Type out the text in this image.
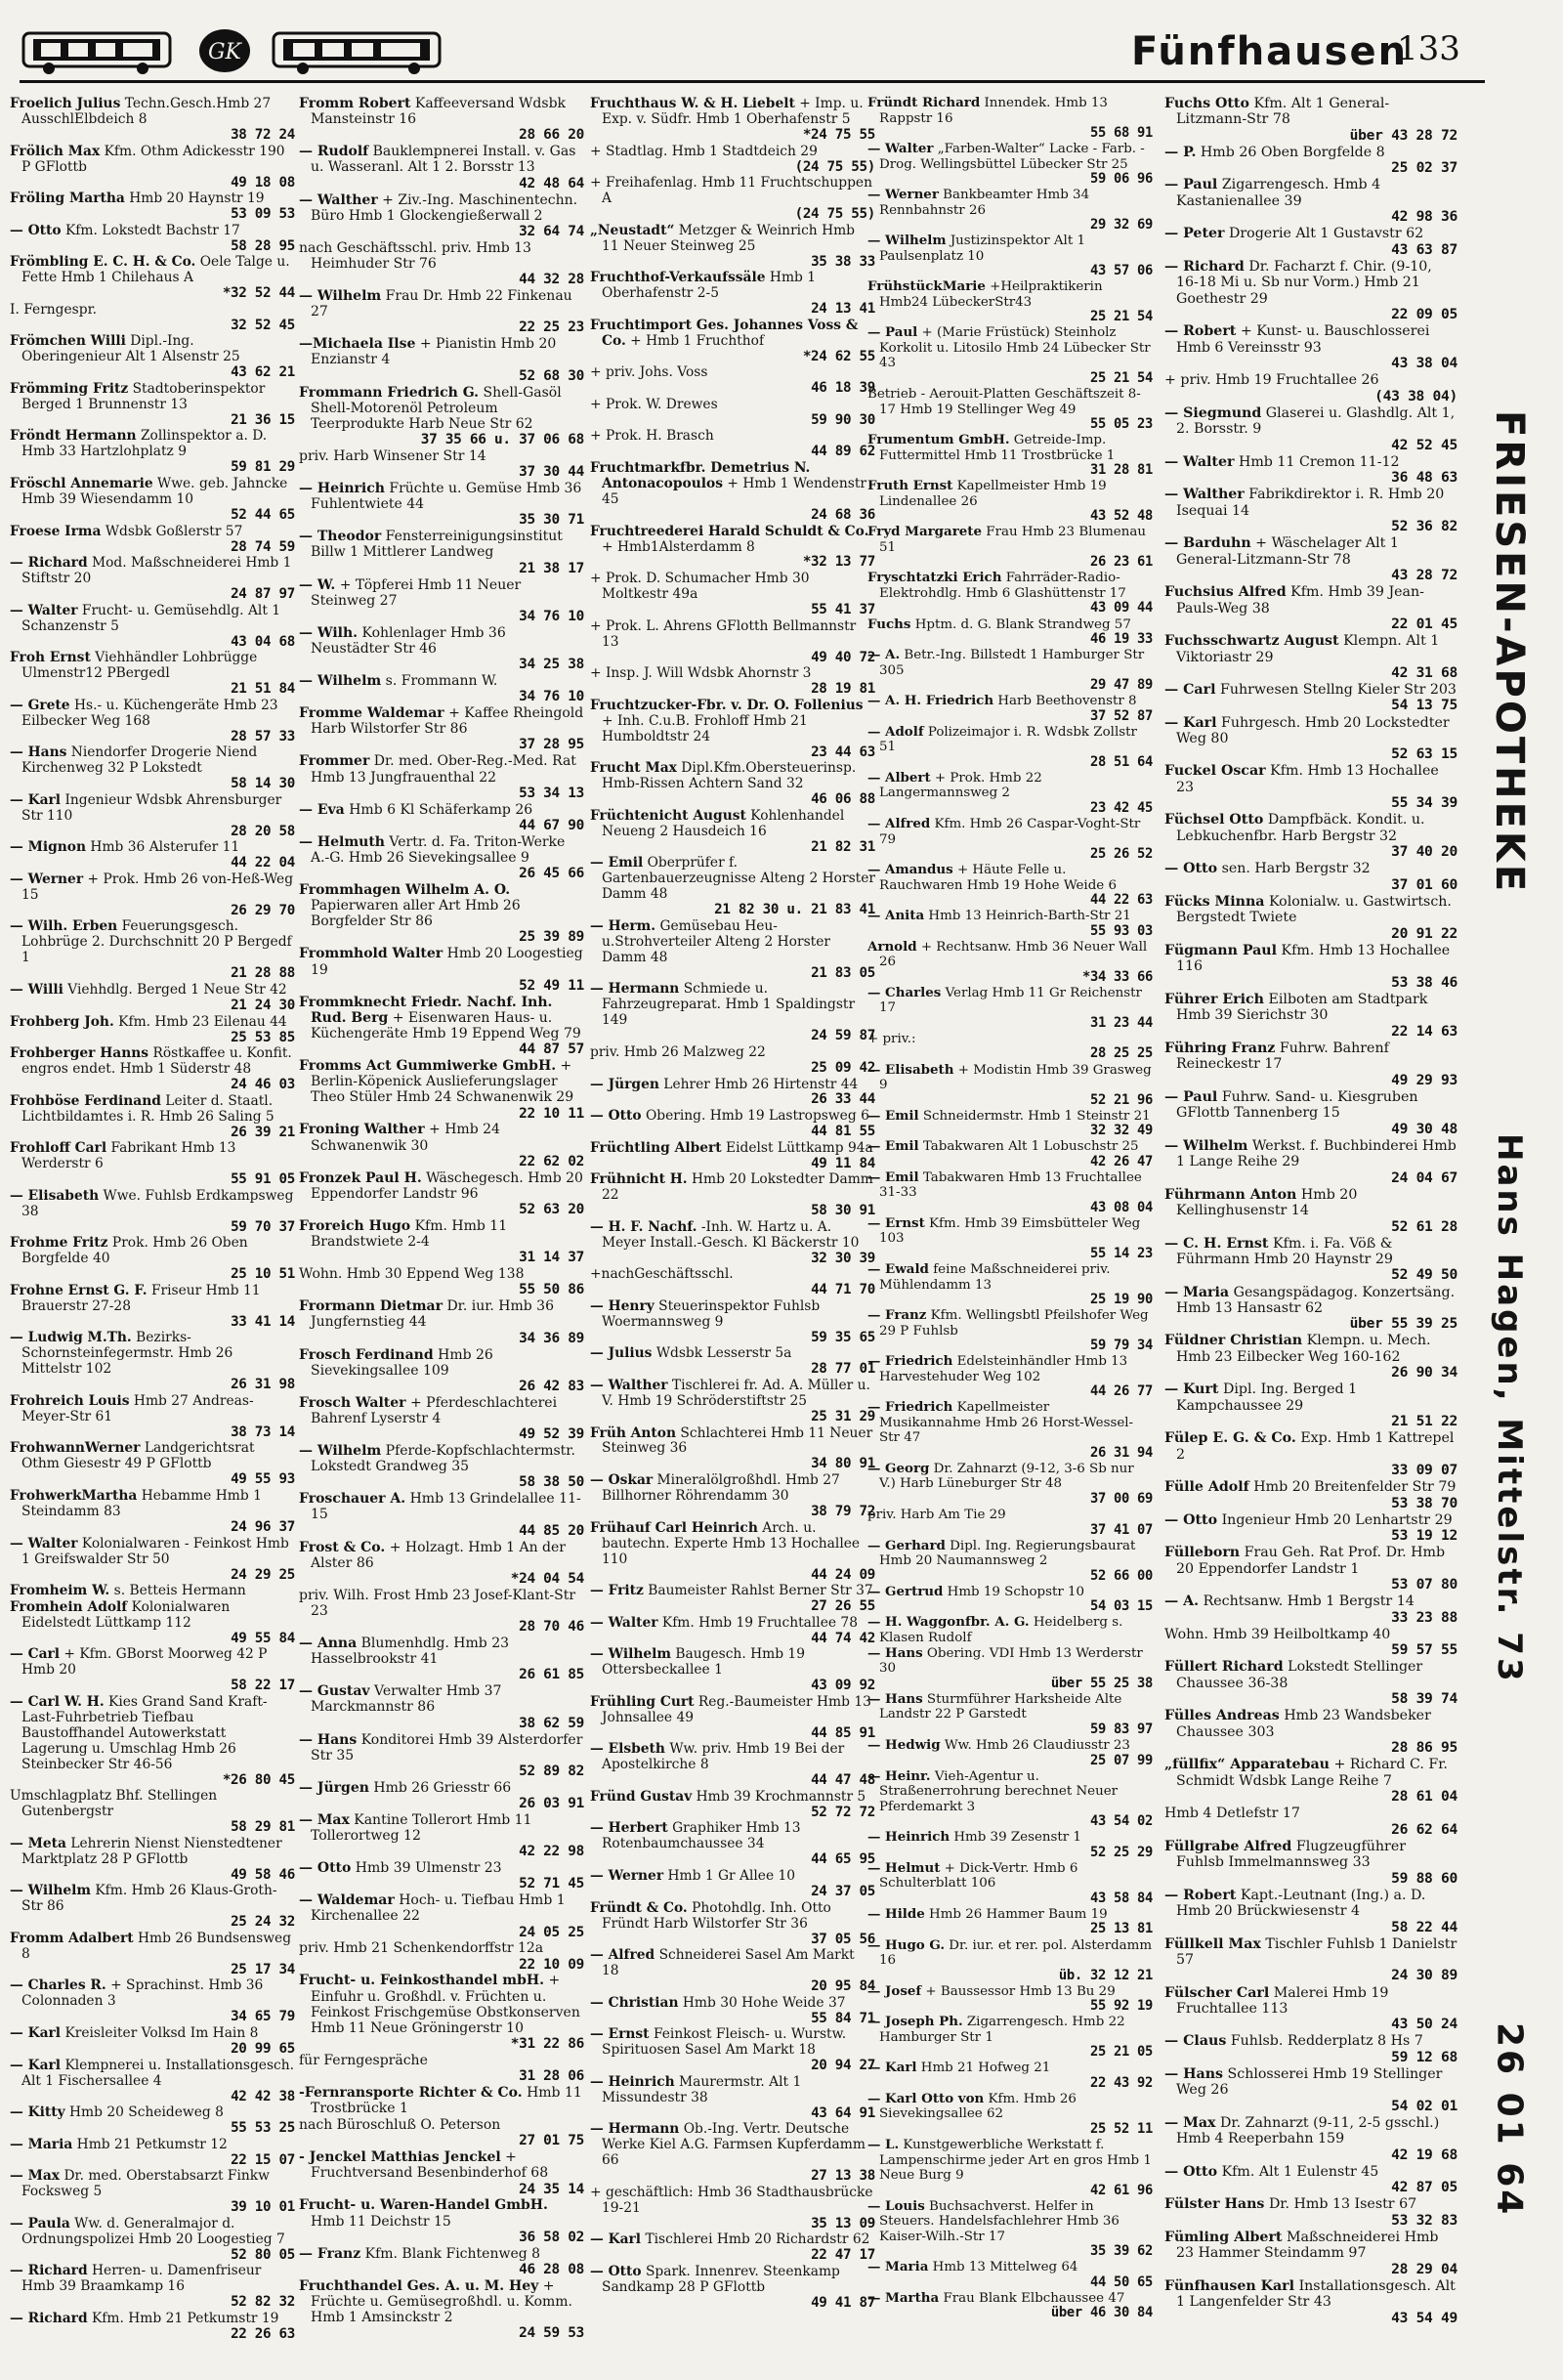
GK	Fünfhausen
133
Froelich Julius Techn.Gesch.Hmb 27 AusschlElbdeich 8
38 72 24
Frölich Max Kfm. Othm Adickesstr 190 P GFlottb
49 18 08
Fröling Martha Hmb 20 Haynstr 19
53 09 53
— Otto Kfm. Lokstedt Bachstr 17
58 28 95
Frömbling E. C. H. & Co. Oele Talge u. Fette Hmb 1 Chilehaus A
*32 52 44
I. Ferngespr.
32 52 45
Frömchen Willi Dipl.-Ing. Oberingenieur Alt 1 Alsenstr 25
43 62 21
Frömming Fritz Stadtoberinspektor Berged 1 Brunnenstr 13
21 36 15
Fröndt Hermann Zollinspektor a. D. Hmb 33 Hartzlohplatz 9
59 81 29
Fröschl Annemarie Wwe. geb. Jahncke Hmb 39 Wiesendamm 10
52 44 65
Froese Irma Wdsbk Goßlerstr 57
28 74 59
— Richard Mod. Maßschneiderei Hmb 1 Stiftstr 20
24 87 97
— Walter Frucht- u. Gemüsehdlg. Alt 1 Schanzenstr 5
43 04 68
Froh Ernst Viehhändler Lohbrügge Ulmenstr12 PBergedl
21 51 84
— Grete Hs.- u. Küchengeräte Hmb 23 Eilbecker Weg 168
28 57 33
— Hans Niendorfer Drogerie Niend Kirchenweg 32 P Lokstedt
58 14 30
— Karl Ingenieur Wdsbk Ahrensburger Str 110
28 20 58
— Mignon Hmb 36 Alsterufer 11
44 22 04
— Werner + Prok. Hmb 26 von-Heß-Weg 15
26 29 70
— Wilh. Erben Feuerungsgesch. Lohbrüge 2. Durchschnitt 20 P Bergedf 1
21 28 88
— Willi Viehhdlg. Berged 1 Neue Str 42
21 24 30
Frohberg Joh. Kfm. Hmb 23 Eilenau 44
25 53 85
Frohberger Hanns Röstkaffee u. Konfit. engros endet. Hmb 1 Süderstr 48
24 46 03
Frohböse Ferdinand Leiter d. Staatl. Lichtbildamtes i. R. Hmb 26 Saling 5
26 39 21
Frohloff Carl Fabrikant Hmb 13 Werderstr 6
55 91 05
— Elisabeth Wwe. Fuhlsb Erdkampsweg 38
59 70 37
Frohme Fritz Prok. Hmb 26 Oben Borgfelde 40
25 10 51
Frohne Ernst G. F. Friseur Hmb 11 Brauerstr 27-28
33 41 14
— Ludwig M.Th. Bezirks-Schornsteinfegermstr. Hmb 26 Mittelstr 102
26 31 98
Frohreich Louis Hmb 27 Andreas-Meyer-Str 61
38 73 14
FrohwannWerner Landgerichtsrat Othm Giesestr 49 P GFlottb
49 55 93
FrohwerkMartha Hebamme Hmb 1 Steindamm 83
24 96 37
— Walter Kolonialwaren - Feinkost Hmb 1 Greifswalder Str 50
24 29 25
Fromheim W. s. Betteis Hermann
Fromhein Adolf Kolonialwaren Eidelstedt Lüttkamp 112
49 55 84
— Carl + Kfm. GBorst Moorweg 42 P Hmb 20
58 22 17
— Carl W. H. Kies Grand Sand Kraft-Last-Fuhrbetrieb Tiefbau Baustoffhandel Autowerkstatt Lagerung u. Umschlag Hmb 26 Steinbecker Str 46-56
*26 80 45
Umschlagplatz Bhf. Stellingen Gutenbergstr
58 29 81
— Meta Lehrerin Nienst Nienstedtener Marktplatz 28 P GFlottb
49 58 46
— Wilhelm Kfm. Hmb 26 Klaus-Groth-Str 86
25 24 32
Fromm Adalbert Hmb 26 Bundsensweg 8
25 17 34
— Charles R. + Sprachinst. Hmb 36 Colonnaden 3
34 65 79
— Karl Kreisleiter Volksd Im Hain 8
20 99 65
— Karl Klempnerei u. Installationsgesch. Alt 1 Fischersallee 4
42 42 38
— Kitty Hmb 20 Scheideweg 8
55 53 25
— Maria Hmb 21 Petkumstr 12
22 15 07
— Max Dr. med. Oberstabsarzt Finkw Focksweg 5
39 10 01
— Paula Ww. d. Generalmajor d. Ordnungspolizei Hmb 20 Loogestieg 7
52 80 05
— Richard Herren- u. Damenfriseur Hmb 39 Braamkamp 16
52 82 32
— Richard Kfm. Hmb 21 Petkumstr 19
22 26 63
Fromm Robert Kaffeeversand Wdsbk Mansteinstr 16
28 66 20
— Rudolf Bauklempnerei Install. v. Gas u. Wasseranl. Alt 1 2. Borsstr 13
42 48 64
— Walther + Ziv.-Ing. Maschinentechn. Büro Hmb 1 Glockengießerwall 2
32 64 74
nach Geschäftsschl. priv. Hmb 13 Heimhuder Str 76
44 32 28
— Wilhelm Frau Dr. Hmb 22 Finkenau 27
22 25 23
—Michaela Ilse + Pianistin Hmb 20 Enzianstr 4
52 68 30
Frommann Friedrich G. Shell-Gasöl Shell-Motorenöl Petroleum Teerprodukte Harb Neue Str 62
37 35 66 u. 37 06 68
priv. Harb Winsener Str 14
37 30 44
— Heinrich Früchte u. Gemüse Hmb 36 Fuhlentwiete 44
35 30 71
— Theodor Fensterreinigungsinstitut Billw 1 Mittlerer Landweg
21 38 17
— W. + Töpferei Hmb 11 Neuer Steinweg 27
34 76 10
— Wilh. Kohlenlager Hmb 36 Neustädter Str 46
34 25 38
— Wilhelm s. Frommann W.
34 76 10
Fromme Waldemar + Kaffee Rheingold Harb Wilstorfer Str 86
37 28 95
Frommer Dr. med. Ober-Reg.-Med. Rat Hmb 13 Jungfrauenthal 22
53 34 13
— Eva Hmb 6 Kl Schäferkamp 26
44 67 90
— Helmuth Vertr. d. Fa. Triton-Werke A.-G. Hmb 26 Sievekingsallee 9
26 45 66
Frommhagen Wilhelm A. O. Papierwaren aller Art Hmb 26 Borgfelder Str 86
25 39 89
Frommhold Walter Hmb 20 Loogestieg 19
52 49 11
Frommknecht Friedr. Nachf. Inh. Rud. Berg + Eisenwaren Haus- u. Küchengeräte Hmb 19 Eppend Weg 79
44 87 57
Fromms Act Gummiwerke GmbH. + Berlin-Köpenick Auslieferungslager Theo Stüler Hmb 24 Schwanenwik 29
22 10 11
Froning Walther + Hmb 24 Schwanenwik 30
22 62 02
Fronzek Paul H. Wäschegesch. Hmb 20 Eppendorfer Landstr 96
52 63 20
Froreich Hugo Kfm. Hmb 11 Brandstwiete 2-4
31 14 37
Wohn. Hmb 30 Eppend Weg 138
55 50 86
Frormann Dietmar Dr. iur. Hmb 36 Jungfernstieg 44
34 36 89
Frosch Ferdinand Hmb 26 Sievekingsallee 109
26 42 83
Frosch Walter + Pferdeschlachterei Bahrenf Lyserstr 4
49 52 39
— Wilhelm Pferde-Kopfschlachtermstr. Lokstedt Grandweg 35
58 38 50
Froschauer A. Hmb 13 Grindelallee 11-15
44 85 20
Frost & Co. + Holzagt. Hmb 1 An der Alster 86
*24 04 54
priv. Wilh. Frost Hmb 23 Josef-Klant-Str 23
28 70 46
— Anna Blumenhdlg. Hmb 23 Hasselbrookstr 41
26 61 85
— Gustav Verwalter Hmb 37 Marckmannstr 86
38 62 59
— Hans Konditorei Hmb 39 Alsterdorfer Str 35
52 89 82
— Jürgen Hmb 26 Griesstr 66
26 03 91
— Max Kantine Tollerort Hmb 11 Tollerortweg 12
42 22 98
— Otto Hmb 39 Ulmenstr 23
52 71 45
— Waldemar Hoch- u. Tiefbau Hmb 1 Kirchenallee 22
24 05 25
priv. Hmb 21 Schenkendorffstr 12a
22 10 09
Frucht- u. Feinkosthandel mbH. + Einfuhr u. Großhdl. v. Früchten u. Feinkost Frischgemüse Obstkonserven Hmb 11 Neue Gröningerstr 10
*31 22 86
für Ferngespräche
31 28 06
-Fernransporte Richter & Co. Hmb 11 Trostbrücke 1
nach Büroschluß O. Peterson
27 01 75
- Jenckel Matthias Jenckel + Fruchtversand Besenbinderhof 68
24 35 14
Frucht- u. Waren-Handel GmbH. Hmb 11 Deichstr 15
36 58 02
— Franz Kfm. Blank Fichtenweg 8
46 28 08
Fruchthandel Ges. A. u. M. Hey + Früchte u. Gemüsegroßhdl. u. Komm. Hmb 1 Amsinckstr 2
24 59 53
Fruchthaus W. & H. Liebelt + Imp. u. Exp. v. Südfr. Hmb 1 Oberhafenstr 5
*24 75 55
+ Stadtlag. Hmb 1 Stadtdeich 29
(24 75 55)
+ Freihafenlag. Hmb 11 Fruchtschuppen A
(24 75 55)
„Neustadt“ Metzger & Weinrich Hmb 11 Neuer Steinweg 25
35 38 33
Fruchthof-Verkaufssäle Hmb 1 Oberhafenstr 2-5
24 13 41
Fruchtimport Ges. Johannes Voss & Co. + Hmb 1 Fruchthof
*24 62 55
+ priv. Johs. Voss
46 18 39
+ Prok. W. Drewes
59 90 30
+ Prok. H. Brasch
44 89 62
Fruchtmarkfbr. Demetrius N. Antonacopoulos + Hmb 1 Wendenstr 45
24 68 36
Fruchtreederei Harald Schuldt & Co. + Hmb1Alsterdamm 8
*32 13 77
+ Prok. D. Schumacher Hmb 30 Moltkestr 49a
55 41 37
+ Prok. L. Ahrens GFlotth Bellmannstr 13
49 40 72
+ Insp. J. Will Wdsbk Ahornstr 3
28 19 81
Fruchtzucker-Fbr. v. Dr. O. Follenius + Inh. C.u.B. Frohloff Hmb 21 Humboldtstr 24
23 44 63
Frucht Max Dipl.Kfm.Obersteuerinsp. Hmb-Rissen Achtern Sand 32
46 06 88
Früchtenicht August Kohlenhandel Neueng 2 Hausdeich 16
21 82 31
— Emil Oberprüfer f. Gartenbauerzeugnisse Alteng 2 Horster Damm 48
21 82 30 u. 21 83 41
— Herm. Gemüsebau Heu-u.Strohverteiler Alteng 2 Horster Damm 48
21 83 05
— Hermann Schmiede u. Fahrzeugreparat. Hmb 1 Spaldingstr 149
24 59 87
priv. Hmb 26 Malzweg 22
25 09 42
— Jürgen Lehrer Hmb 26 Hirtenstr 44
26 33 44
— Otto Obering. Hmb 19 Lastropsweg 6
44 81 55
Früchtling Albert Eidelst Lüttkamp 94a
49 11 84
Frühnicht H. Hmb 20 Lokstedter Damm 22
58 30 91
— H. F. Nachf. -Inh. W. Hartz u. A. Meyer Install.-Gesch. Kl Bäckerstr 10
32 30 39
+nachGeschäftsschl.
44 71 70
— Henry Steuerinspektor Fuhlsb Woermannsweg 9
59 35 65
— Julius Wdsbk Lesserstr 5a
28 77 01
— Walther Tischlerei fr. Ad. A. Müller u. V. Hmb 19 Schröderstiftstr 25
25 31 29
Früh Anton Schlachterei Hmb 11 Neuer Steinweg 36
34 80 91
— Oskar Mineralölgroßhdl. Hmb 27 Billhorner Röhrendamm 30
38 79 72
Frühauf Carl Heinrich Arch. u. bautechn. Experte Hmb 13 Hochallee 110
44 24 09
— Fritz Baumeister Rahlst Berner Str 37
27 26 55
— Walter Kfm. Hmb 19 Fruchtallee 78
44 74 42
— Wilhelm Baugesch. Hmb 19 Ottersbeckallee 1
43 09 92
Frühling Curt Reg.-Baumeister Hmb 13 Johnsallee 49
44 85 91
— Elsbeth Ww. priv. Hmb 19 Bei der Apostelkirche 8
44 47 48
Fründ Gustav Hmb 39 Krochmannstr 5
52 72 72
— Herbert Graphiker Hmb 13 Rotenbaumchaussee 34
44 65 95
— Werner Hmb 1 Gr Allee 10
24 37 05
Fründt & Co. Photohdlg. Inh. Otto Fründt Harb Wilstorfer Str 36
37 05 56
— Alfred Schneiderei Sasel Am Markt 18
20 95 84
— Christian Hmb 30 Hohe Weide 37
55 84 71
— Ernst Feinkost Fleisch- u. Wurstw. Spirituosen Sasel Am Markt 18
20 94 27
— Heinrich Maurermstr. Alt 1 Missundestr 38
43 64 91
— Hermann Ob.-Ing. Vertr. Deutsche Werke Kiel A.G. Farmsen Kupferdamm 66
27 13 38
+ geschäftlich: Hmb 36 Stadthausbrücke 19-21
35 13 09
— Karl Tischlerei Hmb 20 Richardstr 62
22 47 17
— Otto Spark. Innenrev. Steenkamp Sandkamp 28 P GFlottb
49 41 87
Fründt Richard Innendek. Hmb 13 Rappstr 16
55 68 91
— Walter „Farben-Walter“ Lacke - Farb. - Drog. Wellingsbüttel Lübecker Str 25
59 06 96
— Werner Bankbeamter Hmb 34 Rennbahnstr 26
29 32 69
— Wilhelm Justizinspektor Alt 1 Paulsenplatz 10
43 57 06
FrühstückMarie +Heilpraktikerin Hmb24 LübeckerStr43
25 21 54
— Paul + (Marie Früstück) Steinholz Korkolit u. Litosilo Hmb 24 Lübecker Str 43
25 21 54
Betrieb - Aerouit-Platten Geschäftszeit 8-17 Hmb 19 Stellinger Weg 49
55 05 23
Frumentum GmbH. Getreide-Imp. Futtermittel Hmb 11 Trostbrücke 1
31 28 81
Fruth Ernst Kapellmeister Hmb 19 Lindenallee 26
43 52 48
Fryd Margarete Frau Hmb 23 Blumenau 51
26 23 61
Fryschtatzki Erich Fahrräder-Radio-Elektrohdlg. Hmb 6 Glashüttenstr 17
43 09 44
Fuchs Hptm. d. G. Blank Strandweg 57
46 19 33
— A. Betr.-Ing. Billstedt 1 Hamburger Str 305
29 47 89
— A. H. Friedrich Harb Beethovenstr 8
37 52 87
— Adolf Polizeimajor i. R. Wdsbk Zollstr 51
28 51 64
— Albert + Prok. Hmb 22 Langermannsweg 2
23 42 45
— Alfred Kfm. Hmb 26 Caspar-Voght-Str 79
25 26 52
— Amandus + Häute Felle u. Rauchwaren Hmb 19 Hohe Weide 6
44 22 63
— Anita Hmb 13 Heinrich-Barth-Str 21
55 93 03
Arnold + Rechtsanw. Hmb 36 Neuer Wall 26
*34 33 66
— Charles Verlag Hmb 11 Gr Reichenstr 17
31 23 44
+ priv.:
28 25 25
— Elisabeth + Modistin Hmb 39 Grasweg 9
52 21 96
— Emil Schneidermstr. Hmb 1 Steinstr 21
32 32 49
— Emil Tabakwaren Alt 1 Lobuschstr 25
42 26 47
— Emil Tabakwaren Hmb 13 Fruchtallee 31-33
43 08 04
— Ernst Kfm. Hmb 39 Eimsbütteler Weg 103
55 14 23
— Ewald feine Maßschneiderei priv. Mühlendamm 13
25 19 90
— Franz Kfm. Wellingsbtl Pfeilshofer Weg 29 P Fuhlsb
59 79 34
— Friedrich Edelsteinhändler Hmb 13 Harvestehuder Weg 102
44 26 77
— Friedrich Kapellmeister Musikannahme Hmb 26 Horst-Wessel-Str 47
26 31 94
— Georg Dr. Zahnarzt (9-12, 3-6 Sb nur V.) Harb Lüneburger Str 48
37 00 69
priv. Harb Am Tie 29
37 41 07
— Gerhard Dipl. Ing. Regierungsbaurat Hmb 20 Naumannsweg 2
52 66 00
— Gertrud Hmb 19 Schopstr 10
54 03 15
— H. Waggonfbr. A. G. Heidelberg s. Klasen Rudolf
— Hans Obering. VDI Hmb 13 Werderstr 30
über 55 25 38
— Hans Sturmführer Harksheide Alte Landstr 22 P Garstedt
59 83 97
— Hedwig Ww. Hmb 26 Claudiusstr 23
25 07 99
— Heinr. Vieh-Agentur u. Straßenerrohrung berechnet Neuer Pferdemarkt 3
43 54 02
— Heinrich Hmb 39 Zesenstr 1
52 25 29
— Helmut + Dick-Vertr. Hmb 6 Schulterblatt 106
43 58 84
— Hilde Hmb 26 Hammer Baum 19
25 13 81
— Hugo G. Dr. iur. et rer. pol. Alsterdamm 16
üb. 32 12 21
— Josef + Baussessor Hmb 13 Bu 29
55 92 19
— Joseph Ph. Zigarrengesch. Hmb 22 Hamburger Str 1
25 21 05
— Karl Hmb 21 Hofweg 21
22 43 92
— Karl Otto von Kfm. Hmb 26 Sievekingsallee 62
25 52 11
— L. Kunstgewerbliche Werkstatt f. Lampenschirme jeder Art en gros Hmb 1 Neue Burg 9
42 61 96
— Louis Buchsachverst. Helfer in Steuers. Handelsfachlehrer Hmb 36 Kaiser-Wilh.-Str 17
35 39 62
— Maria Hmb 13 Mittelweg 64
44 50 65
— Martha Frau Blank Elbchaussee 47
über 46 30 84
Fuchs Otto Kfm. Alt 1 General-Litzmann-Str 78
über 43 28 72
— P. Hmb 26 Oben Borgfelde 8
25 02 37
— Paul Zigarrengesch. Hmb 4 Kastanienallee 39
42 98 36
— Peter Drogerie Alt 1 Gustavstr 62
43 63 87
— Richard Dr. Facharzt f. Chir. (9-10, 16-18 Mi u. Sb nur Vorm.) Hmb 21 Goethestr 29
22 09 05
— Robert + Kunst- u. Bauschlosserei Hmb 6 Vereinsstr 93
43 38 04
+ priv. Hmb 19 Fruchtallee 26
(43 38 04)
— Siegmund Glaserei u. Glashdlg. Alt 1, 2. Borsstr. 9
42 52 45
— Walter Hmb 11 Cremon 11-12
36 48 63
— Walther Fabrikdirektor i. R. Hmb 20 Isequai 14
52 36 82
— Barduhn + Wäschelager Alt 1 General-Litzmann-Str 78
43 28 72
Fuchsius Alfred Kfm. Hmb 39 Jean-Pauls-Weg 38
22 01 45
Fuchsschwartz August Klempn. Alt 1 Viktoriastr 29
42 31 68
— Carl Fuhrwesen Stellng Kieler Str 203
54 13 75
— Karl Fuhrgesch. Hmb 20 Lockstedter Weg 80
52 63 15
Fuckel Oscar Kfm. Hmb 13 Hochallee 23
55 34 39
Füchsel Otto Dampfbäck. Kondit. u. Lebkuchenfbr. Harb Bergstr 32
37 40 20
— Otto sen. Harb Bergstr 32
37 01 60
Fücks Minna Kolonialw. u. Gastwirtsch. Bergstedt Twiete
20 91 22
Fügmann Paul Kfm. Hmb 13 Hochallee 116
53 38 46
Führer Erich Eilboten am Stadtpark Hmb 39 Sierichstr 30
22 14 63
Führing Franz Fuhrw. Bahrenf Reineckestr 17
49 29 93
— Paul Fuhrw. Sand- u. Kiesgruben GFlottb Tannenberg 15
49 30 48
— Wilhelm Werkst. f. Buchbinderei Hmb 1 Lange Reihe 29
24 04 67
Führmann Anton Hmb 20 Kellinghusenstr 14
52 61 28
— C. H. Ernst Kfm. i. Fa. Vöß & Führmann Hmb 20 Haynstr 29
52 49 50
— Maria Gesangspädagog. Konzertsäng. Hmb 13 Hansastr 62
über 55 39 25
Füldner Christian Klempn. u. Mech. Hmb 23 Eilbecker Weg 160-162
26 90 34
— Kurt Dipl. Ing. Berged 1 Kampchaussee 29
21 51 22
Fülep E. G. & Co. Exp. Hmb 1 Kattrepel 2
33 09 07
Fülle Adolf Hmb 20 Breitenfelder Str 79
53 38 70
— Otto Ingenieur Hmb 20 Lenhartstr 29
53 19 12
Fülleborn Frau Geh. Rat Prof. Dr. Hmb 20 Eppendorfer Landstr 1
53 07 80
— A. Rechtsanw. Hmb 1 Bergstr 14
33 23 88
Wohn. Hmb 39 Heilboltkamp 40
59 57 55
Füllert Richard Lokstedt Stellinger Chaussee 36-38
58 39 74
Fülles Andreas Hmb 23 Wandsbeker Chaussee 303
28 86 95
„füllfix“ Apparatebau + Richard C. Fr. Schmidt Wdsbk Lange Reihe 7
28 61 04
Hmb 4 Detlefstr 17
26 62 64
Füllgrabe Alfred Flugzeugführer Fuhlsb Immelmannsweg 33
59 88 60
— Robert Kapt.-Leutnant (Ing.) a. D. Hmb 20 Brückwiesenstr 4
58 22 44
Füllkell Max Tischler Fuhlsb 1 Danielstr 57
24 30 89
Fülscher Carl Malerei Hmb 19 Fruchtallee 113
43 50 24
— Claus Fuhlsb. Redderplatz 8 Hs 7
59 12 68
— Hans Schlosserei Hmb 19 Stellinger Weg 26
54 02 01
— Max Dr. Zahnarzt (9-11, 2-5 gsschl.) Hmb 4 Reeperbahn 159
42 19 68
— Otto Kfm. Alt 1 Eulenstr 45
42 87 05
Fülster Hans Dr. Hmb 13 Isestr 67
53 32 83
Fümling Albert Maßschneiderei Hmb 23 Hammer Steindamm 97
28 29 04
Fünfhausen Karl Installationsgesch. Alt 1 Langenfelder Str 43
43 54 49
FRIESEN-APOTHEKE
Hans Hagen, Mittelstr. 73
26 01 64
